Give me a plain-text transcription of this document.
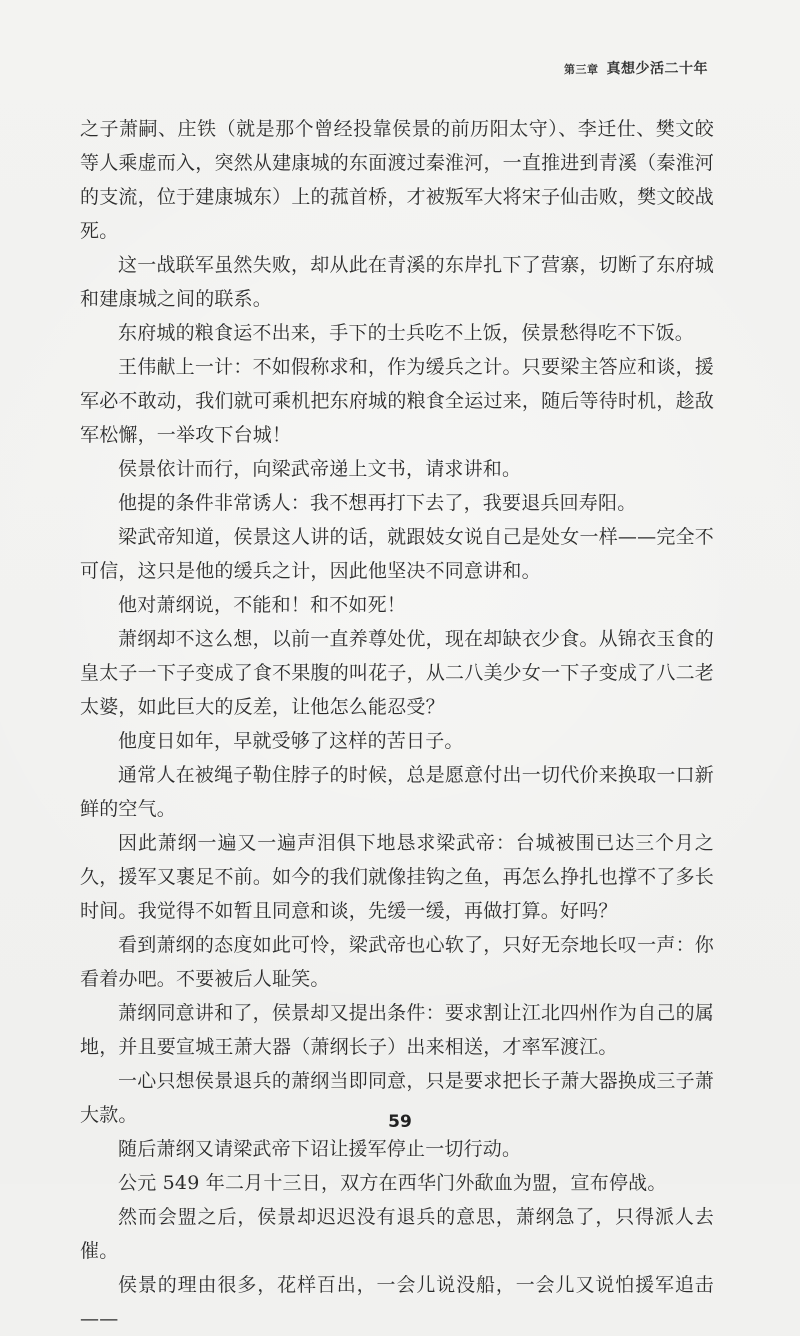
第三章 真想少活二十年

之子萧嗣、庄铁（就是那个曾经投靠侯景的前历阳太守）、李迁仕、樊文皎等人乘虚而入，突然从建康城的东面渡过秦淮河，一直推进到青溪（秦淮河的支流，位于建康城东）上的菰首桥，才被叛军大将宋子仙击败，樊文皎战死。

这一战联军虽然失败，却从此在青溪的东岸扎下了营寨，切断了东府城和建康城之间的联系。

东府城的粮食运不出来，手下的士兵吃不上饭，侯景愁得吃不下饭。

王伟献上一计：不如假称求和，作为缓兵之计。只要梁主答应和谈，援军必不敢动，我们就可乘机把东府城的粮食全运过来，随后等待时机，趁敌军松懈，一举攻下台城！

侯景依计而行，向梁武帝递上文书，请求讲和。

他提的条件非常诱人：我不想再打下去了，我要退兵回寿阳。

梁武帝知道，侯景这人讲的话，就跟妓女说自己是处女一样——完全不可信，这只是他的缓兵之计，因此他坚决不同意讲和。

他对萧纲说，不能和！和不如死！

萧纲却不这么想，以前一直养尊处优，现在却缺衣少食。从锦衣玉食的皇太子一下子变成了食不果腹的叫花子，从二八美少女一下子变成了八二老太婆，如此巨大的反差，让他怎么能忍受？

他度日如年，早就受够了这样的苦日子。

通常人在被绳子勒住脖子的时候，总是愿意付出一切代价来换取一口新鲜的空气。

因此萧纲一遍又一遍声泪俱下地恳求梁武帝：台城被围已达三个月之久，援军又裹足不前。如今的我们就像挂钩之鱼，再怎么挣扎也撑不了多长时间。我觉得不如暂且同意和谈，先缓一缓，再做打算。好吗？

看到萧纲的态度如此可怜，梁武帝也心软了，只好无奈地长叹一声：你看着办吧。不要被后人耻笑。

萧纲同意讲和了，侯景却又提出条件：要求割让江北四州作为自己的属地，并且要宣城王萧大器（萧纲长子）出来相送，才率军渡江。

一心只想侯景退兵的萧纲当即同意，只是要求把长子萧大器换成三子萧大款。

随后萧纲又请梁武帝下诏让援军停止一切行动。

公元 549 年二月十三日，双方在西华门外歃血为盟，宣布停战。

然而会盟之后，侯景却迟迟没有退兵的意思，萧纲急了，只得派人去催。

侯景的理由很多，花样百出，一会儿说没船，一会儿又说怕援军追击——

59
